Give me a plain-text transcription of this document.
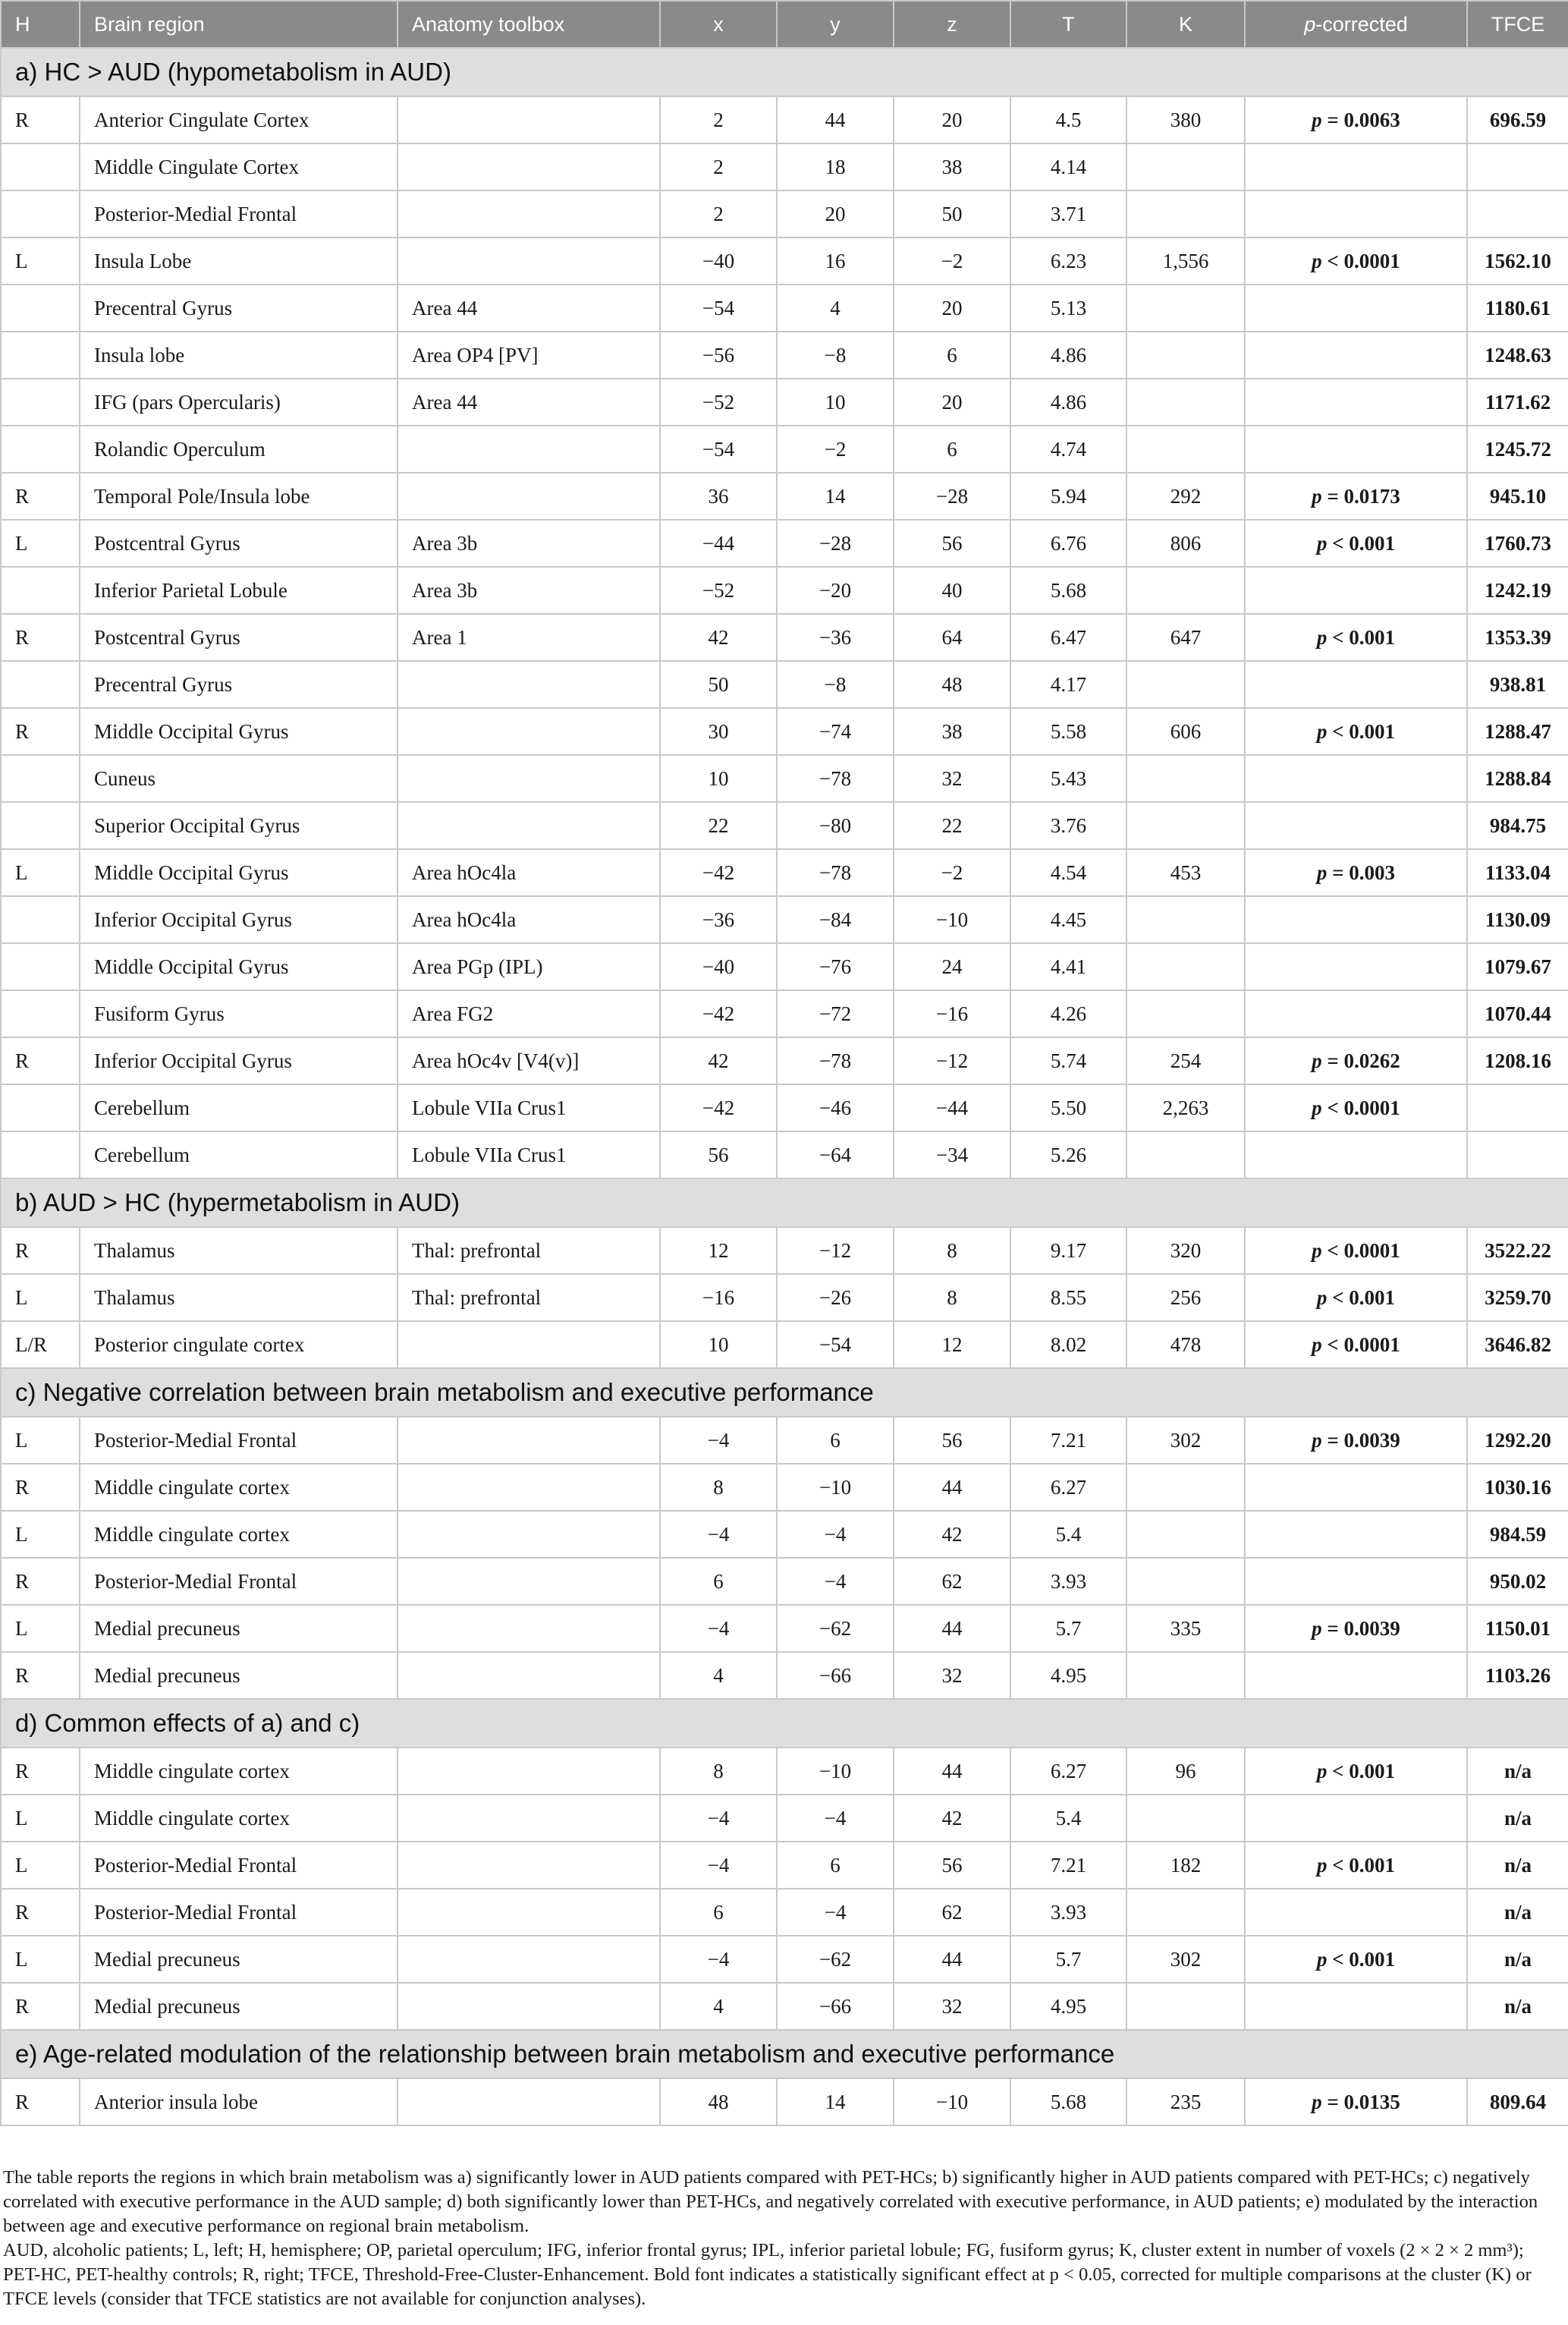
H	Brain region	Anatomy toolbox	x	y	z	T	K	p-corrected	TFCE
a) HC > AUD (hypometabolism in AUD)									
R	Anterior Cingulate Cortex		2	44	20	4.5	380	p = 0.0063	696.59
	Middle Cingulate Cortex		2	18	38	4.14			
	Posterior-Medial Frontal		2	20	50	3.71			
L	Insula Lobe		−40	16	−2	6.23	1,556	p < 0.0001	1562.10
	Precentral Gyrus	Area 44	−54	4	20	5.13			1180.61
	Insula lobe	Area OP4 [PV]	−56	−8	6	4.86			1248.63
	IFG (pars Opercularis)	Area 44	−52	10	20	4.86			1171.62
	Rolandic Operculum		−54	−2	6	4.74			1245.72
R	Temporal Pole/Insula lobe		36	14	−28	5.94	292	p = 0.0173	945.10
L	Postcentral Gyrus	Area 3b	−44	−28	56	6.76	806	p < 0.001	1760.73
	Inferior Parietal Lobule	Area 3b	−52	−20	40	5.68			1242.19
R	Postcentral Gyrus	Area 1	42	−36	64	6.47	647	p < 0.001	1353.39
	Precentral Gyrus		50	−8	48	4.17			938.81
R	Middle Occipital Gyrus		30	−74	38	5.58	606	p < 0.001	1288.47
	Cuneus		10	−78	32	5.43			1288.84
	Superior Occipital Gyrus		22	−80	22	3.76			984.75
L	Middle Occipital Gyrus	Area hOc4la	−42	−78	−2	4.54	453	p = 0.003	1133.04
	Inferior Occipital Gyrus	Area hOc4la	−36	−84	−10	4.45			1130.09
	Middle Occipital Gyrus	Area PGp (IPL)	−40	−76	24	4.41			1079.67
	Fusiform Gyrus	Area FG2	−42	−72	−16	4.26			1070.44
R	Inferior Occipital Gyrus	Area hOc4v [V4(v)]	42	−78	−12	5.74	254	p = 0.0262	1208.16
	Cerebellum	Lobule VIIa Crus1	−42	−46	−44	5.50	2,263	p < 0.0001	
	Cerebellum	Lobule VIIa Crus1	56	−64	−34	5.26			
b) AUD > HC (hypermetabolism in AUD)									
R	Thalamus	Thal: prefrontal	12	−12	8	9.17	320	p < 0.0001	3522.22
L	Thalamus	Thal: prefrontal	−16	−26	8	8.55	256	p < 0.001	3259.70
L/R	Posterior cingulate cortex		10	−54	12	8.02	478	p < 0.0001	3646.82
c) Negative correlation between brain metabolism and executive performance									
L	Posterior-Medial Frontal		−4	6	56	7.21	302	p = 0.0039	1292.20
R	Middle cingulate cortex		8	−10	44	6.27			1030.16
L	Middle cingulate cortex		−4	−4	42	5.4			984.59
R	Posterior-Medial Frontal		6	−4	62	3.93			950.02
L	Medial precuneus		−4	−62	44	5.7	335	p = 0.0039	1150.01
R	Medial precuneus		4	−66	32	4.95			1103.26
d) Common effects of a) and c)									
R	Middle cingulate cortex		8	−10	44	6.27	96	p < 0.001	n/a
L	Middle cingulate cortex		−4	−4	42	5.4			n/a
L	Posterior-Medial Frontal		−4	6	56	7.21	182	p < 0.001	n/a
R	Posterior-Medial Frontal		6	−4	62	3.93			n/a
L	Medial precuneus		−4	−62	44	5.7	302	p < 0.001	n/a
R	Medial precuneus		4	−66	32	4.95			n/a
e) Age-related modulation of the relationship between brain metabolism and executive performance									
R	Anterior insula lobe		48	14	−10	5.68	235	p = 0.0135	809.64

The table reports the regions in which brain metabolism was a) significantly lower in AUD patients compared with PET-HCs; b) significantly higher in AUD patients compared with PET-HCs; c) negatively correlated with executive performance in the AUD sample; d) both significantly lower than PET-HCs, and negatively correlated with executive performance, in AUD patients; e) modulated by the interaction between age and executive performance on regional brain metabolism.

AUD, alcoholic patients; L, left; H, hemisphere; OP, parietal operculum; IFG, inferior frontal gyrus; IPL, inferior parietal lobule; FG, fusiform gyrus; K, cluster extent in number of voxels (2 × 2 × 2 mm³); PET-HC, PET-healthy controls; R, right; TFCE, Threshold-Free-Cluster-Enhancement. Bold font indicates a statistically significant effect at p < 0.05, corrected for multiple comparisons at the cluster (K) or TFCE levels (consider that TFCE statistics are not available for conjunction analyses).
